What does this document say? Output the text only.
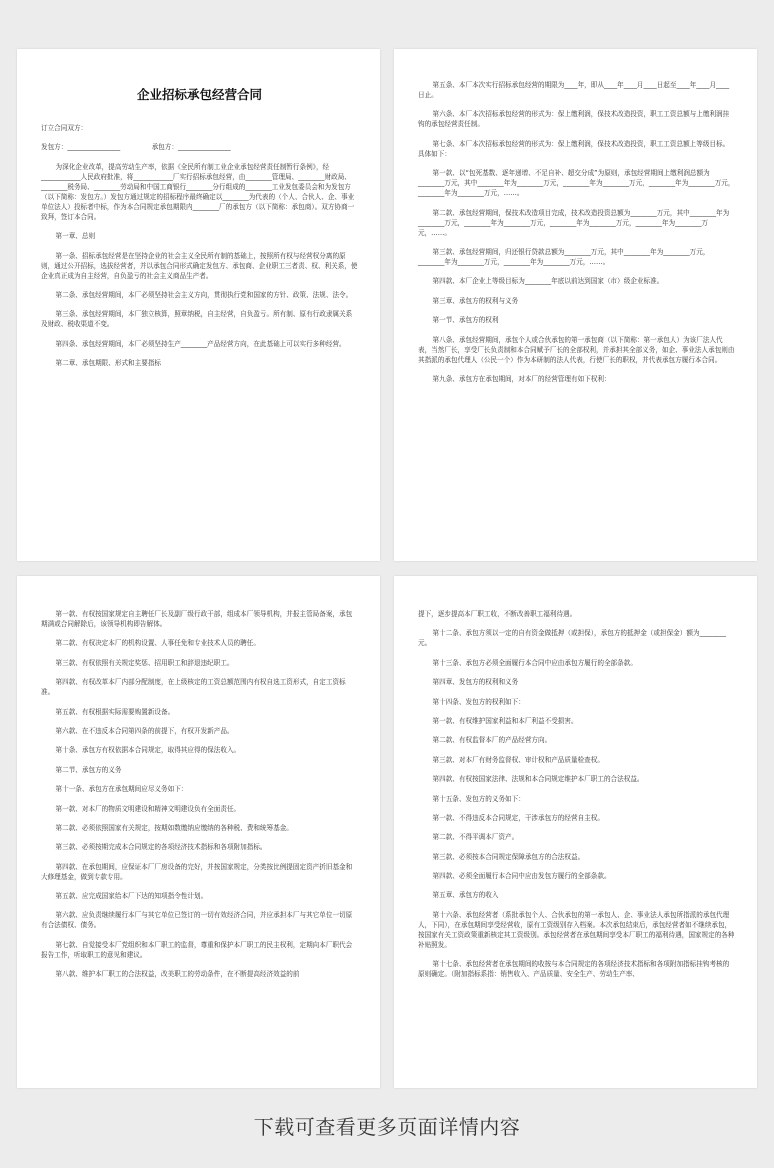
企业招标承包经营合同

订立合同双方：

发包方：________________               承包方：________________

为深化企业改革，提高劳动生产率，依据《全民所有制工业企业承包经营责任制暂行条例》，经____________人民政府批准，将____________厂实行招标承包经营，由________管理局、________财政局、________税务局、________劳动局和中国工商银行________分行组成的________工业发包委员会和为发包方（以下简称：发包方。）发包方通过规定的招标程序最终确定以________为代表的（个人、合伙人、企、事业单位法人）投标者中标，作为本合同规定承包期限内________厂的承包方（以下简称：承包商）。双方协商一致拜，签订本合同。

第一章、总则

第一条、招标承包经营是在坚持企业的社会主义全民所有制的基础上，按照所有权与经营权分离的原则，通过公开招标，选拔经营者，并以承包合同形式确定发包方、承包商、企业职工三者责、权、利关系，使企业真正成为自主经营，自负盈亏的社会主义商品生产者。

第二条、承包经营期间，本厂必须坚持社会主义方向，贯彻执行党和国家的方针、政策、法规、法令。

第三条、承包经营期间，本厂独立核算，照章纳税，自主经营，自负盈亏。所有制、原有行政隶属关系及财政、税收渠道不变。

第四条、承包经营期间，本厂必须坚持生产________产品经营方向，在此基础上可以实行多种经营。

第二章、承包期限、形式和主要指标

第五条、本厂本次实行招标承包经营的期限为____年，即从____年____月____日起至____年____月____日止。

第六条、本厂本次招标承包经营的形式为：保上缴利润，保技术改造投资，职工工资总额与上缴利润挂钩的承包经营责任制。

第七条、本厂本次招标承包经营的形式为：保上缴利润，保技术改造投资，职工工资总额上等级目标。具体如下：

第一款、以“包死基数、逐年递增、不足自补、超交分成”为原则，承包经营期间上缴利润总额为________万元，其中________年为________万元，________年为________万元，________年为________万元，________年为________万元，……。

第二款、承包经营期间，保技术改造项目完成，技术改造投资总额为________万元，其中________年为________万元，________年为________万元，________年为________万元，________年为________万元，……。

第三款、承包经营期间，归还银行贷款总额为________万元，其中________年为________万元，________年为________万元，________年为________万元，……。

第四款、本厂企业上等级目标为________年底以前达到国家（市）级企业标准。

第三章、承包方的权利与义务

第一节、承包方的权利

第八条、承包经营期间，承包个人或合伙承包的第一承包商（以下简称：第一承包人）为该厂法人代表，当然厂长，享受厂长负责制和本合同赋予厂长的全部权利，并承担其全部义务，如企、事业法人承包则由其指派的承包代理人（公民一个）作为本研制的法人代表，行使厂长的职权，并代表承包方履行本合同。

第九条、承包方在承包期间，对本厂的经营管理有如下权利：

第一款、有权按国家规定自主聘任厂长及副厂级行政干部，组成本厂领导机构，并报主管局备案，承包期满或合同解除后，该领导机构即告解体。

第二款、有权决定本厂的机构设置、人事任免和专业技术人员的聘任。

第三款、有权依照有关规定奖惩、招用职工和辞退违纪职工。

第四款、有权改革本厂内部分配制度，在上级核定的工资总额范围内有权自选工资形式，自定工资标准。

第五款、有权根据实际需要购置新设备。

第六款、在不违反本合同第四条的前提下，有权开发新产品。

第十条、承包方有权依据本合同规定，取得其应得的保法收入。

第二节、承包方的义务

第十一条、承包方在承包期间应尽义务如下：

第一款、对本厂的物质文明建设和精神文明建设负有全面责任。

第二款、必须依照国家有关规定，按期如数缴纳应缴纳的各种税、费和统筹基金。

第三款、必须按期完成本合同规定的各项经济技术指标和各项附加指标。

第四款、在承包期间，应保证本厂厂房设备的完好，并按国家规定，分类按比例提固定资产折旧基金和大修理基金，做到专款专用。

第五款、应完成国家给本厂下达的知项指令性计划。

第六款、应负责继续履行本厂与其它单位已签订的一切有效经济合同，并应承担本厂与其它单位一切原有合法债权、债务。

第七款、自觉接受本厂党组织和本厂职工的监督，尊重和保护本厂职工的民主权利，定期向本厂职代会报告工作，听取职工的意见和建议。

第八款、维护本厂职工的合法权益，改美职工的劳动条件，在不断提高经济效益的前

提下，逐步提高本厂职工收，不断改善职工福利待遇。

第十二条、承包方须以一定的自有资金做抵押（或担保），承包方的抵押金（或担保金）额为________元。

第十三条、承包方必须全面履行本合同中应由承包方履行的全部条款。

第四章、发包方的权利和义务

第十四条、发包方的权利如下：

第一款、有权维护国家利益和本厂利益不受损害。

第二款、有权监督本厂的产品经营方向。

第三款、对本厂有财务监督权、审计权和产品质量检查权。

第四款、有权按国家法律、法规和本合同规定维护本厂职工的合法权益。

第十五条、发包方的义务如下：

第一款、不得违反本合同规定，干涉承包方的经营自主权。

第二款、不得平调本厂资产。

第三款、必须按本合同规定保障承包方的合法权益。

第四款、必须全面履行本合同中应由发包方履行的全部条款。

第五章、承包方的收入

第十六条、承包经营者（系批承包个人、合伙承包的第一承包人、企、事业法人承包所指派的承包代理人，下同），在承包期间享受经营收，原有工资级别存入档案。本次承包结束后，承包经营者如不继续承包，按国家有关工资政策重新核定其工资级别。承包经营者在承包期间享受本厂职工的福利待遇，国家规定的各种补贴照发。

第十七条、承包经营者在承包期间的收按与本合同规定的各项经济技术指标和各项附加指标挂钩考核的原则确定。（附加指标系指：销售收入、产品质量、安全生产、劳动生产率、

下载可查看更多页面详情内容
